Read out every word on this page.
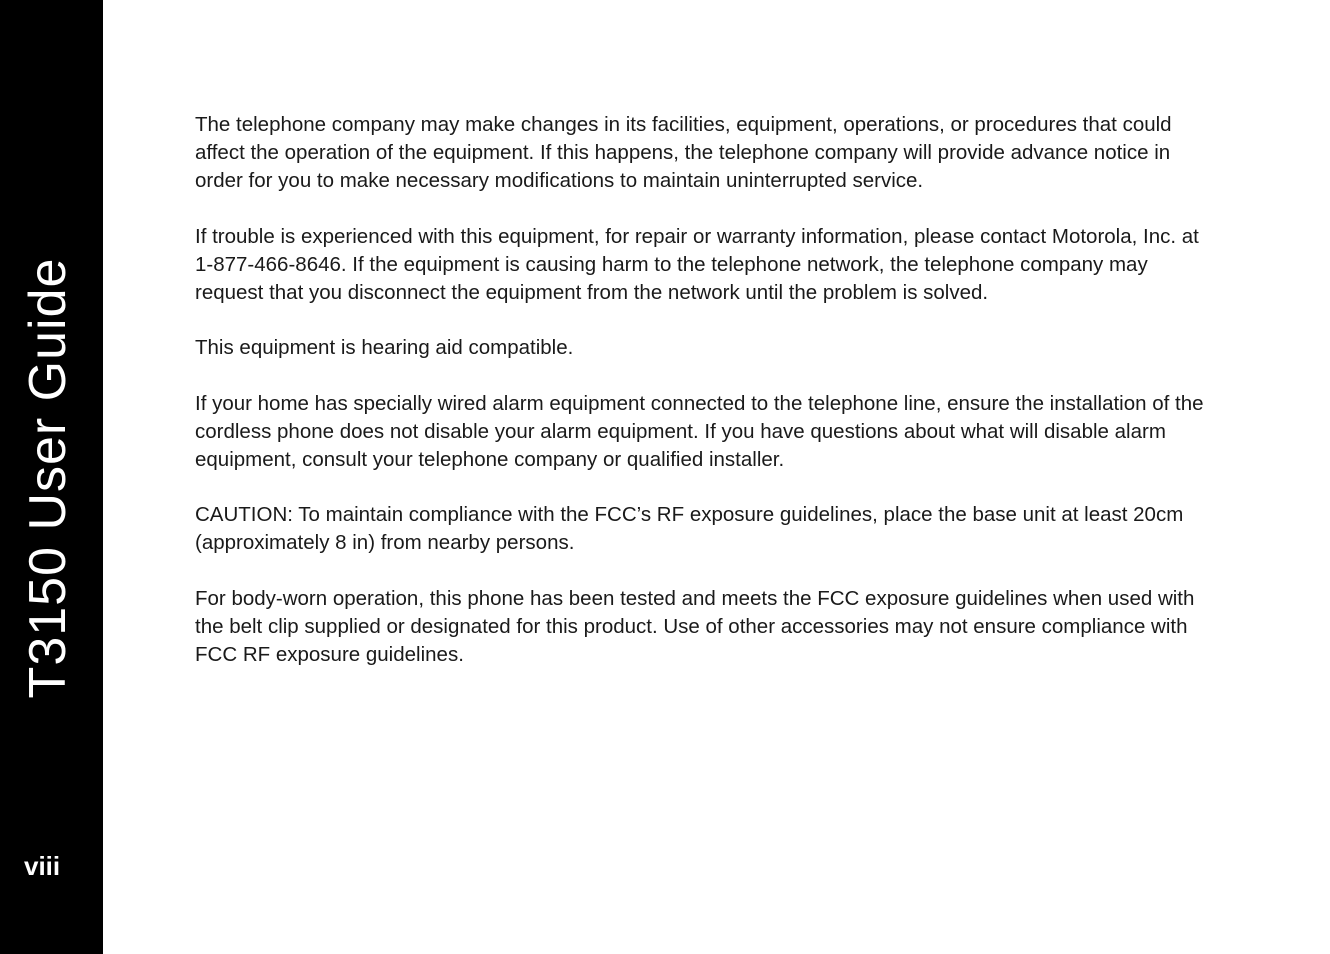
T3150 User Guide
viii

The telephone company may make changes in its facilities, equipment, operations, or procedures that could affect the operation of the equipment. If this happens, the telephone company will provide advance notice in order for you to make necessary modifications to maintain uninterrupted service.

If trouble is experienced with this equipment, for repair or warranty information, please contact Motorola, Inc. at 1-877-466-8646. If the equipment is causing harm to the telephone network, the telephone company may request that you disconnect the equipment from the network until the problem is solved.

This equipment is hearing aid compatible.

If your home has specially wired alarm equipment connected to the telephone line, ensure the installation of the cordless phone does not disable your alarm equipment. If you have questions about what will disable alarm equipment, consult your telephone company or qualified installer.

CAUTION: To maintain compliance with the FCC’s RF exposure guidelines, place the base unit at least 20cm (approximately 8 in) from nearby persons.

For body-worn operation, this phone has been tested and meets the FCC exposure guidelines when used with the belt clip supplied or designated for this product. Use of other accessories may not ensure compliance with FCC RF exposure guidelines.
